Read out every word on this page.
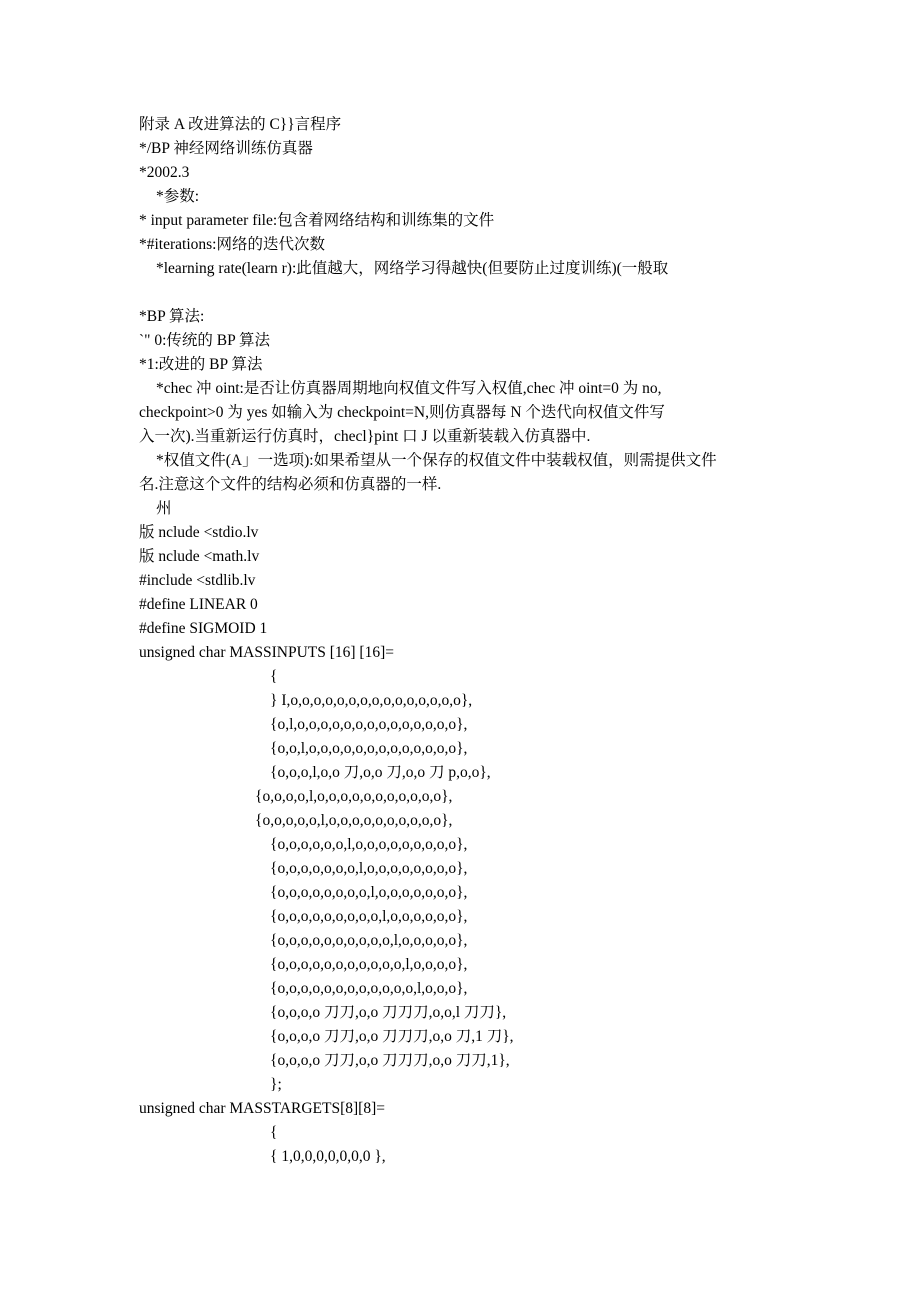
附录 A 改进算法的 C}}言程序
*/BP 神经网络训练仿真器
*2002.3
*参数:
* input parameter file:包含着网络结构和训练集的文件
*#iterations:网络的迭代次数
*learning rate(learn r):此值越大，网络学习得越快(但要防止过度训练)(一般取
*BP 算法:
`" 0:传统的 BP 算法
*1:改进的 BP 算法
*chec 冲 oint:是否让仿真器周期地向权值文件写入权值,chec 冲 oint=0 为 no,
checkpoint>0 为 yes 如输入为 checkpoint=N,则仿真器每 N 个迭代向权值文件写
入一次).当重新运行仿真时，checl}pint 口 J 以重新装载入仿真器中.
*权值文件(A」一选项):如果希望从一个保存的权值文件中装载权值，则需提供文件
名.注意这个文件的结构必须和仿真器的一样.
州
版 nclude <stdio.lv
版 nclude <math.lv
#include <stdlib.lv
#define LINEAR 0
#define SIGMOID 1
unsigned char MASSINPUTS [16] [16]=
{
} I,o,o,o,o,o,o,o,o,o,o,o,o,o,o,o},
{o,l,o,o,o,o,o,o,o,o,o,o,o,o,o,o},
{o,o,l,o,o,o,o,o,o,o,o,o,o,o,o,o},
{o,o,o,l,o,o 刀,o,o 刀,o,o 刀 p,o,o},
{o,o,o,o,l,o,o,o,o,o,o,o,o,o,o,o},
{o,o,o,o,o,l,o,o,o,o,o,o,o,o,o,o},
{o,o,o,o,o,o,l,o,o,o,o,o,o,o,o,o},
{o,o,o,o,o,o,o,l,o,o,o,o,o,o,o,o},
{o,o,o,o,o,o,o,o,l,o,o,o,o,o,o,o},
{o,o,o,o,o,o,o,o,o,l,o,o,o,o,o,o},
{o,o,o,o,o,o,o,o,o,o,l,o,o,o,o,o},
{o,o,o,o,o,o,o,o,o,o,o,l,o,o,o,o},
{o,o,o,o,o,o,o,o,o,o,o,o,l,o,o,o},
{o,o,o,o 刀刀,o,o 刀刀刀,o,o,l 刀刀},
{o,o,o,o 刀刀,o,o 刀刀刀,o,o 刀,1 刀},
{o,o,o,o 刀刀,o,o 刀刀刀,o,o 刀刀,1},
};
unsigned char MASSTARGETS[8][8]=
{
{ 1,0,0,0,0,0,0,0 },
